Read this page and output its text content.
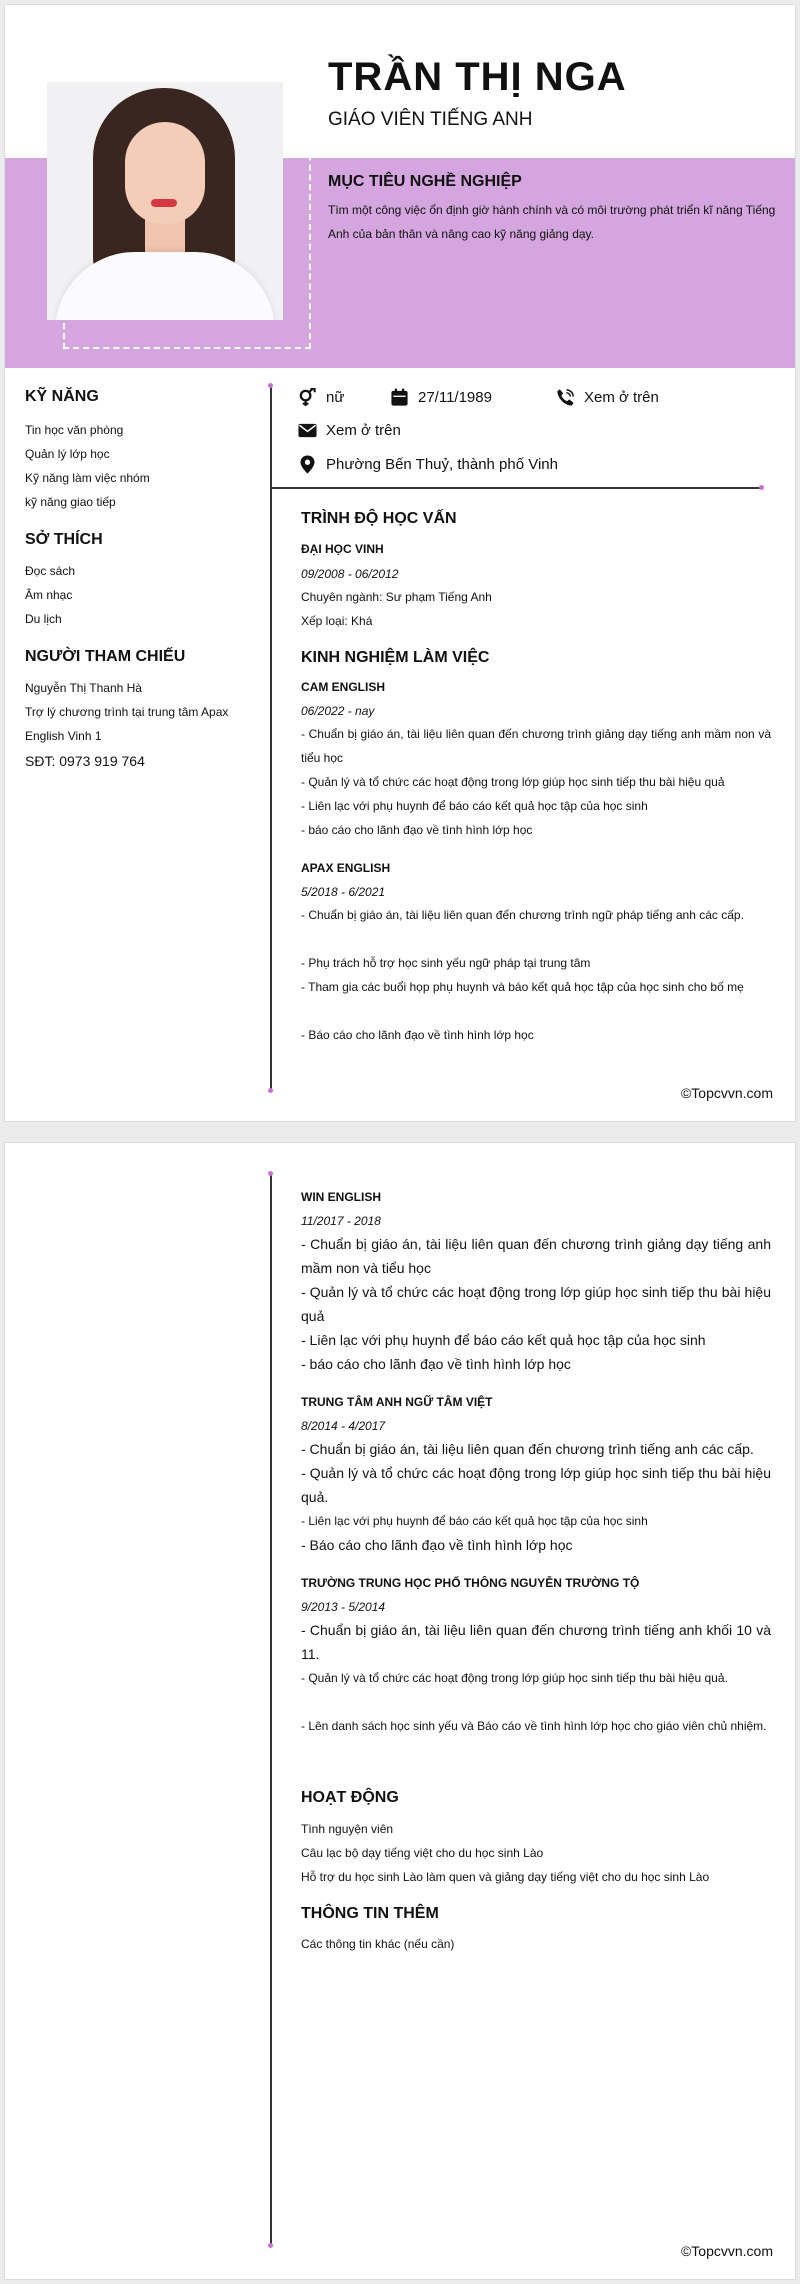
TRẦN THỊ NGA
GIÁO VIÊN TIẾNG ANH
MỤC TIÊU NGHỀ NGHIỆP
Tìm một công việc ổn định giờ hành chính và có môi trường phát triển kĩ năng Tiếng Anh của bản thân và nâng cao kỹ năng giảng dạy.
KỸ NĂNG
Tin học văn phòng
Quản lý lớp học
Kỹ năng làm việc nhóm
kỹ năng giao tiếp
SỞ THÍCH
Đọc sách
Âm nhạc
Du lịch
NGƯỜI THAM CHIẾU
Nguyễn Thị Thanh Hà
Trợ lý chương trình tại trung tâm Apax
English Vinh 1
SĐT: 0973 919 764
nữ	27/11/1989	Xem ở trên
Xem ở trên
Phường Bến Thuỷ, thành phố Vinh
TRÌNH ĐỘ HỌC VẤN
ĐẠI HỌC VINH
09/2008 - 06/2012
Chuyên ngành: Sư phạm Tiếng Anh
Xếp loại: Khá
KINH NGHIỆM LÀM VIỆC
CAM ENGLISH
06/2022 - nay
- Chuẩn bị giáo án, tài liệu liên quan đến chương trình giảng dạy tiếng anh mầm non và tiểu học
- Quản lý và tổ chức các hoạt động trong lớp giúp học sinh tiếp thu bài hiệu quả
- Liên lạc với phụ huynh để báo cáo kết quả học tập của học sinh
- báo cáo cho lãnh đạo về tình hình lớp học
APAX ENGLISH
5/2018 - 6/2021
- Chuẩn bị giáo án, tài liệu liên quan đến chương trình ngữ pháp tiếng anh các cấp.
- Phụ trách hỗ trợ học sinh yếu ngữ pháp tại trung tâm
- Tham gia các buổi họp phụ huynh và báo kết quả học tập của học sinh cho bố mẹ
- Báo cáo cho lãnh đạo về tình hình lớp học
©Topcvvn.com
WIN ENGLISH
11/2017 - 2018
- Chuẩn bị giáo án, tài liệu liên quan đến chương trình giảng dạy tiếng anh mầm non và tiểu học
- Quản lý và tổ chức các hoạt động trong lớp giúp học sinh tiếp thu bài hiệu quả
- Liên lạc với phụ huynh để báo cáo kết quả học tập của học sinh
- báo cáo cho lãnh đạo về tình hình lớp học
TRUNG TÂM ANH NGỮ TÂM VIỆT
8/2014 - 4/2017
- Chuẩn bị giáo án, tài liệu liên quan đến chương trình tiếng anh các cấp.
- Quản lý và tổ chức các hoạt động trong lớp giúp học sinh tiếp thu bài hiệu quả.
- Liên lạc với phụ huynh để báo cáo kết quả học tập của học sinh
- Báo cáo cho lãnh đạo về tình hình lớp học
TRƯỜNG TRUNG HỌC PHỔ THÔNG NGUYỄN TRƯỜNG TỘ
9/2013 - 5/2014
- Chuẩn bị giáo án, tài liệu liên quan đến chương trình tiếng anh khối 10 và 11.
- Quản lý và tổ chức các hoạt động trong lớp giúp học sinh tiếp thu bài hiệu quả.
- Lên danh sách học sinh yếu và Báo cáo về tình hình lớp học cho giáo viên chủ nhiệm.
HOẠT ĐỘNG
Tình nguyện viên
Câu lạc bộ dạy tiếng việt cho du học sinh Lào
Hỗ trợ du học sinh Lào làm quen và giảng dạy tiếng việt cho du học sinh Lào
THÔNG TIN THÊM
Các thông tin khác (nếu cần)
©Topcvvn.com
